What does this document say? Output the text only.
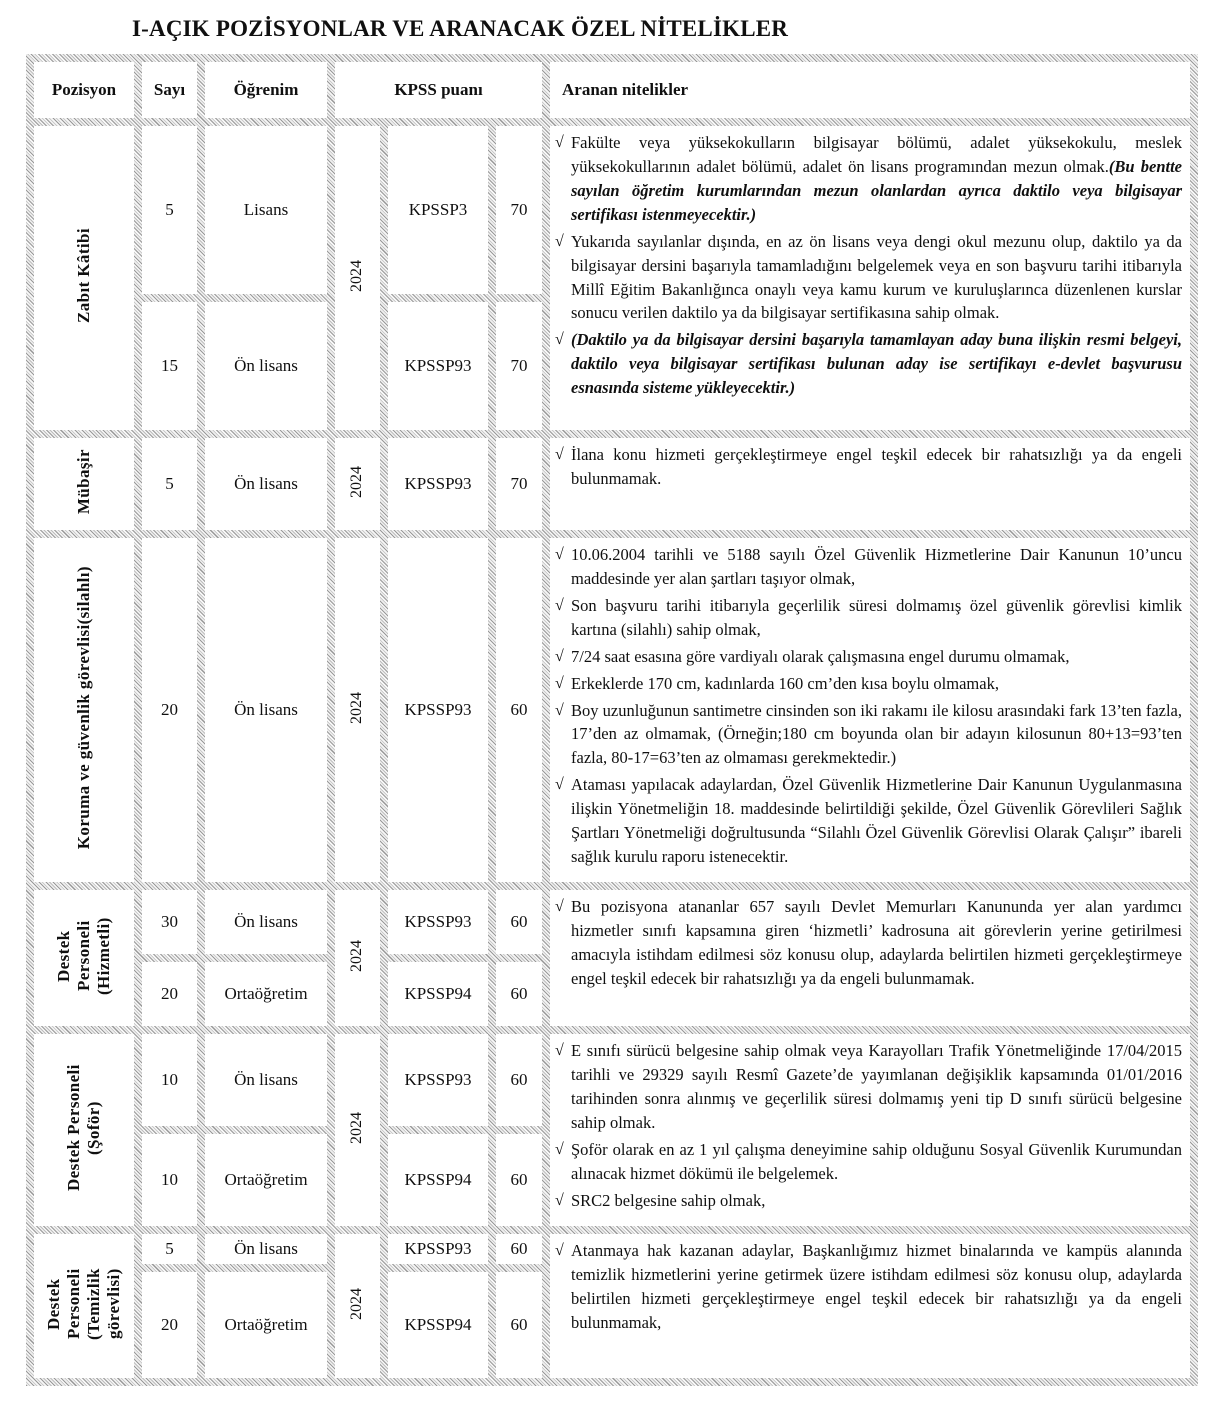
I-AÇIK POZİSYONLAR VE ARANACAK ÖZEL NİTELİKLER
Pozisyon	Sayı	Öğrenim	KPSS puanı			Aranan nitelikler
Zabıt Kâtibi	5	Lisans	2024	KPSSP3	70	
√ Fakülte veya yüksekokulların bilgisayar bölümü, adalet yüksekokulu, meslek yüksekokullarının adalet bölümü, adalet ön lisans programından mezun olmak.(Bu bentte sayılan öğretim kurumlarından mezun olanlardan ayrıca daktilo veya bilgisayar sertifikası istenmeyecektir.)
√ Yukarıda sayılanlar dışında, en az ön lisans veya dengi okul mezunu olup, daktilo ya da bilgisayar dersini başarıyla tamamladığını belgelemek veya en son başvuru tarihi itibarıyla Millî Eğitim Bakanlığınca onaylı veya kamu kurum ve kuruluşlarınca düzenlenen kurslar sonucu verilen daktilo ya da bilgisayar sertifikasına sahip olmak.
√ (Daktilo ya da bilgisayar dersini başarıyla tamamlayan aday buna ilişkin resmi belgeyi, daktilo veya bilgisayar sertifikası bulunan aday ise sertifikayı e-devlet başvurusu esnasında sisteme yükleyecektir.)

	15	Ön lisans		KPSSP93	70	
Mübaşir	5	Ön lisans	2024	KPSSP93	70	√ İlana konu hizmeti gerçekleştirmeye engel teşkil edecek bir rahatsızlığı ya da engeli bulunmamak.

Koruma ve güvenlik görevlisi(silahlı)	20	Ön lisans	2024	KPSSP93	60	
√ 10.06.2004 tarihli ve 5188 sayılı Özel Güvenlik Hizmetlerine Dair Kanunun 10’uncu maddesinde yer alan şartları taşıyor olmak,
√ Son başvuru tarihi itibarıyla geçerlilik süresi dolmamış özel güvenlik görevlisi kimlik kartına (silahlı) sahip olmak,
√ 7/24 saat esasına göre vardiyalı olarak çalışmasına engel durumu olmamak,
√ Erkeklerde 170 cm, kadınlarda 160 cm’den kısa boylu olmamak,
√ Boy uzunluğunun santimetre cinsinden son iki rakamı ile kilosu arasındaki fark 13’ten fazla, 17’den az olmamak, (Örneğin;180 cm boyunda olan bir adayın kilosunun 80+13=93’ten fazla, 80-17=63’ten az olmaması gerekmektedir.)
√ Ataması yapılacak adaylardan, Özel Güvenlik Hizmetlerine Dair Kanunun Uygulanmasına ilişkin Yönetmeliğin 18. maddesinde belirtildiği şekilde, Özel Güvenlik Görevlileri Sağlık Şartları Yönetmeliği doğrultusunda “Silahlı Özel Güvenlik Görevlisi Olarak Çalışır” ibareli sağlık kurulu raporu istenecektir.

Destek Personeli (Hizmetli)	30	Ön lisans	2024	KPSSP93	60	√ Bu pozisyona atananlar 657 sayılı Devlet Memurları Kanununda yer alan yardımcı hizmetler sınıfı kapsamına giren ‘hizmetli’ kadrosuna ait görevlerin yerine getirilmesi amacıyla istihdam edilmesi söz konusu olup, adaylarda belirtilen hizmeti gerçekleştirmeye engel teşkil edecek bir rahatsızlığı ya da engeli bulunmamak.

	20	Ortaöğretim		KPSSP94	60	
Destek Personeli (Şoför)	10	Ön lisans	2024	KPSSP93	60	
√ E sınıfı sürücü belgesine sahip olmak veya Karayolları Trafik Yönetmeliğinde 17/04/2015 tarihli ve 29329 sayılı Resmî Gazete’de yayımlanan değişiklik kapsamında 01/01/2016 tarihinden sonra alınmış ve geçerlilik süresi dolmamış yeni tip D sınıfı sürücü belgesine sahip olmak.
√ Şoför olarak en az 1 yıl çalışma deneyimine sahip olduğunu Sosyal Güvenlik Kurumundan alınacak hizmet dökümü ile belgelemek.
√ SRC2 belgesine sahip olmak,

	10	Ortaöğretim		KPSSP94	60	
Destek Personeli (Temizlik görevlisi)	5	Ön lisans	2024	KPSSP93	60	√ Atanmaya hak kazanan adaylar, Başkanlığımız hizmet binalarında ve kampüs alanında temizlik hizmetlerini yerine getirmek üzere istihdam edilmesi söz konusu olup, adaylarda belirtilen hizmeti gerçekleştirmeye engel teşkil edecek bir rahatsızlığı ya da engeli bulunmamak,

	20	Ortaöğretim		KPSSP94	60	
